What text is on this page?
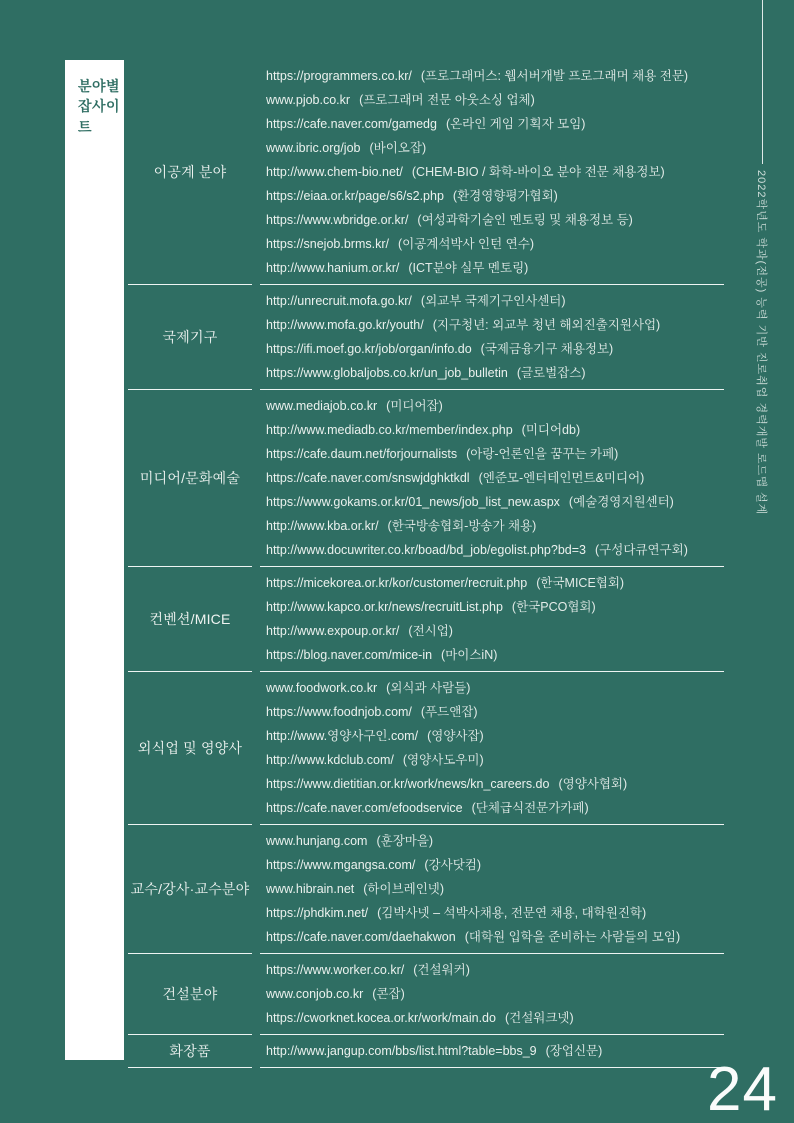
2022학년도 학과(전공) 능력 기반 진로취업 경력개발 로드맵 설계
분야별
잡사이트
이공계 분야
https://programmers.co.kr/ (프로그래머스: 웹서버개발 프로그래머 채용 전문)
www.pjob.co.kr (프로그래머 전문 아웃소싱 업체)
https://cafe.naver.com/gamedg (온라인 게임 기획자 모임)
www.ibric.org/job (바이오잡)
http://www.chem-bio.net/ (CHEM-BIO / 화학-바이오 분야 전문 채용정보)
https://eiaa.or.kr/page/s6/s2.php (환경영향평가협회)
https://www.wbridge.or.kr/ (여성과학기술인 멘토링 및 채용정보 등)
https://snejob.brms.kr/ (이공계석박사 인턴 연수)
http://www.hanium.or.kr/ (ICT분야 실무 멘토링)
국제기구
http://unrecruit.mofa.go.kr/ (외교부 국제기구인사센터)
http://www.mofa.go.kr/youth/ (지구청년: 외교부 청년 해외진출지원사업)
https://ifi.moef.go.kr/job/organ/info.do (국제금융기구 채용정보)
https://www.globaljobs.co.kr/un_job_bulletin (글로벌잡스)
미디어/문화예술
www.mediajob.co.kr (미디어잡)
http://www.mediadb.co.kr/member/index.php (미디어db)
https://cafe.daum.net/forjournalists (아랑-언론인을 꿈꾸는 카페)
https://cafe.naver.com/snswjdghktkdl (엔준모-엔터테인먼트&미디어)
https://www.gokams.or.kr/01_news/job_list_new.aspx (예술경영지원센터)
http://www.kba.or.kr/ (한국방송협회-방송가 채용)
http://www.docuwriter.co.kr/boad/bd_job/egolist.php?bd=3 (구성다큐연구회)
컨벤션/MICE
https://micekorea.or.kr/kor/customer/recruit.php (한국MICE협회)
http://www.kapco.or.kr/news/recruitList.php (한국PCO협회)
http://www.expoup.or.kr/ (전시업)
https://blog.naver.com/mice-in (마이스iN)
외식업 및 영양사
www.foodwork.co.kr (외식과 사람들)
https://www.foodnjob.com/ (푸드앤잡)
http://www.영양사구인.com/ (영양사잡)
http://www.kdclub.com/ (영양사도우미)
https://www.dietitian.or.kr/work/news/kn_careers.do (영양사협회)
https://cafe.naver.com/efoodservice (단체급식전문가카페)
교수/강사·교수분야
www.hunjang.com (훈장마을)
https://www.mgangsa.com/ (강사닷컴)
www.hibrain.net (하이브레인넷)
https://phdkim.net/ (김박사넷 – 석박사채용, 전문연 채용, 대학원진학)
https://cafe.naver.com/daehakwon (대학원 입학을 준비하는 사람들의 모임)
건설분야
https://www.worker.co.kr/ (건설워커)
www.conjob.co.kr (콘잡)
https://cworknet.kocea.or.kr/work/main.do (건설워크넷)
화장품	http://www.jangup.com/bbs/list.html?table=bbs_9 (장업신문)
24
